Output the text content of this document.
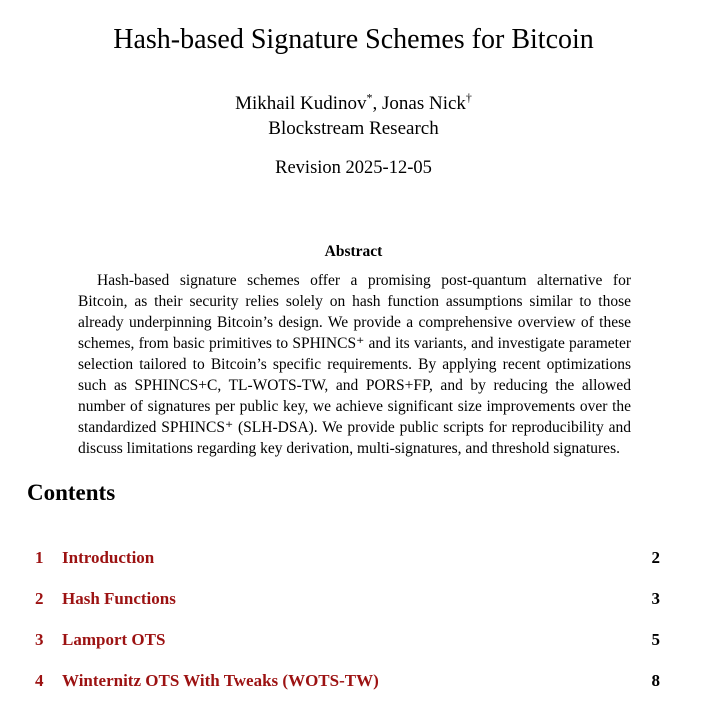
Hash-based Signature Schemes for Bitcoin
Mikhail Kudinov*, Jonas Nick†
Blockstream Research
Revision 2025-12-05
Abstract

Hash-based signature schemes offer a promising post-quantum alternative for Bitcoin, as their security relies solely on hash function assumptions similar to those already underpinning Bitcoin’s design. We provide a comprehensive overview of these schemes, from basic primitives to SPHINCS⁺ and its variants, and investigate parameter selection tailored to Bitcoin’s specific requirements. By applying recent optimizations such as SPHINCS+C, TL-WOTS-TW, and PORS+FP, and by reducing the allowed number of signatures per public key, we achieve significant size improvements over the standardized SPHINCS⁺ (SLH-DSA). We provide public scripts for reproducibility and discuss limitations regarding key derivation, multi-signatures, and threshold signatures.

Contents
1	Introduction	2
2	Hash Functions	3
3	Lamport OTS	5
4	Winternitz OTS With Tweaks (WOTS-TW)	8
